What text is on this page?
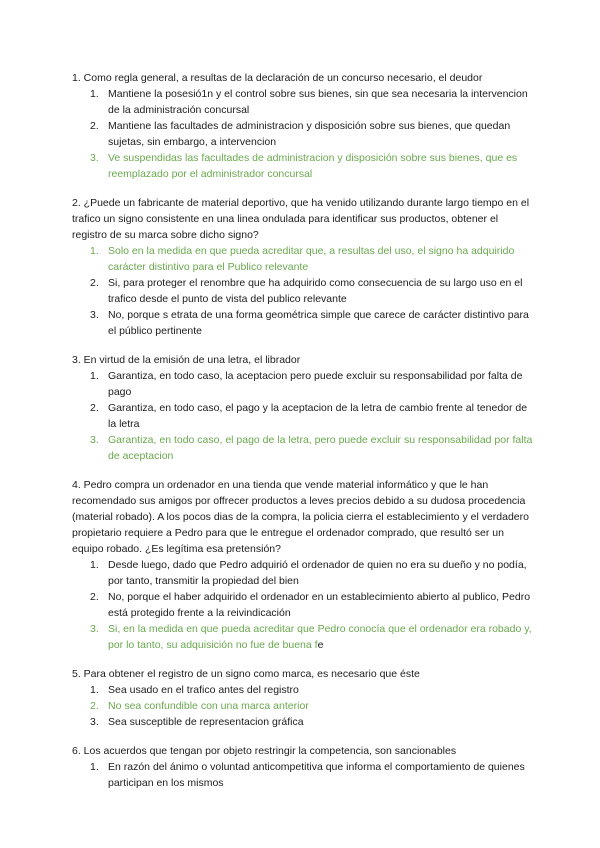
1. Como regla general, a resultas de la declaración de un concurso necesario, el deudor

1. Mantiene la posesió1n y el control sobre sus bienes, sin que sea necesaria la intervencion de la administración concursal
2. Mantiene las facultades de administracion y disposición sobre sus bienes, que quedan sujetas, sin embargo, a intervencion
3. Ve suspendidas las facultades de administracion y disposición sobre sus bienes, que es reemplazado por el administrador concursal

2. ¿Puede un fabricante de material deportivo, que ha venido utilizando durante largo tiempo en el trafico un signo consistente en una linea ondulada para identificar sus productos, obtener el registro de su marca sobre dicho signo?

1. Solo en la medida en que pueda acreditar que, a resultas del uso, el signo ha adquirido carácter distintivo para el Publico relevante
2. Si, para proteger el renombre que ha adquirido como consecuencia de su largo uso en el trafico desde el punto de vista del publico relevante
3. No, porque s etrata de una forma geométrica simple que carece de carácter distintivo para el público pertinente

3. En virtud de la emisión de una letra, el librador

1. Garantiza, en todo caso, la aceptacion pero puede excluir su responsabilidad por falta de pago
2. Garantiza, en todo caso, el pago y la aceptacion de la letra de cambio frente al tenedor de la letra
3. Garantiza, en todo caso, el pago de la letra, pero puede excluir su responsabilidad por falta de aceptacion

4. Pedro compra un ordenador en una tienda que vende material informático y que le han recomendado sus amigos por offrecer productos a leves precios debido a su dudosa procedencia (material robado). A los pocos dias de la compra, la policia cierra el establecimiento y el verdadero propietario requiere a Pedro para que le entregue el ordenador comprado, que resultó ser un equipo robado. ¿Es legítima esa pretensión?

1. Desde luego, dado que Pedro adquirió el ordenador de quien no era su dueño y no podía, por tanto, transmitir la propiedad del bien
2. No, porque el haber adquirido el ordenador en un establecimiento abierto al publico, Pedro está protegido frente a la reivindicación
3. Si, en la medida en que pueda acreditar que Pedro conocía que el ordenador era robado y, por lo tanto, su adquisición no fue de buena fe

5. Para obtener el registro de un signo como marca, es necesario que éste

1. Sea usado en el trafico antes del registro
2. No sea confundible con una marca anterior
3. Sea susceptible de representacion gráfica

6. Los acuerdos que tengan por objeto restringir la competencia, son sancionables

1. En razón del ánimo o voluntad anticompetitiva que informa el comportamiento de quienes participan en los mismos
